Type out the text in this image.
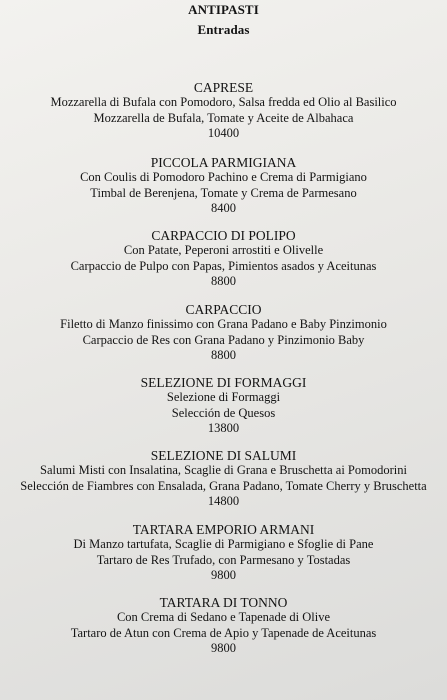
ANTIPASTI
Entradas
CAPRESE
Mozzarella di Bufala con Pomodoro, Salsa fredda ed Olio al Basilico
Mozzarella de Bufala, Tomate y Aceite de Albahaca
10400
PICCOLA PARMIGIANA
Con Coulis di Pomodoro Pachino e Crema di Parmigiano
Timbal de Berenjena, Tomate y Crema de Parmesano
8400
CARPACCIO DI POLIPO
Con Patate, Peperoni arrostiti e Olivelle
Carpaccio de Pulpo con Papas, Pimientos asados y Aceitunas
8800
CARPACCIO
Filetto di Manzo finissimo con Grana Padano e Baby Pinzimonio
Carpaccio de Res con Grana Padano y Pinzimonio Baby
8800
SELEZIONE DI FORMAGGI
Selezione di Formaggi
Selección de Quesos
13800
SELEZIONE DI SALUMI
Salumi Misti con Insalatina, Scaglie di Grana e Bruschetta ai Pomodorini
Selección de Fiambres con Ensalada, Grana Padano, Tomate Cherry y Bruschetta
14800
TARTARA EMPORIO ARMANI
Di Manzo tartufata, Scaglie di Parmigiano e Sfoglie di Pane
Tartaro de Res Trufado, con Parmesano y Tostadas
9800
TARTARA DI TONNO
Con Crema di Sedano e Tapenade di Olive
Tartaro de Atun con Crema de Apio y Tapenade de Aceitunas
9800
